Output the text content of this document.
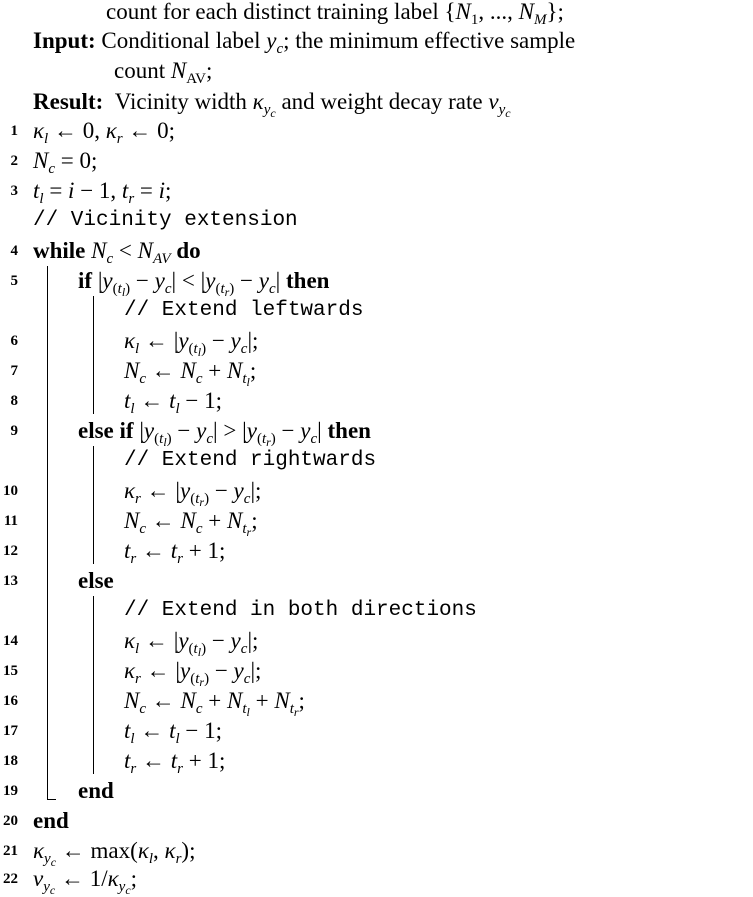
count for each distinct training label {$N_1$, ..., $N_M$};
Input: Conditional label $y_c$; the minimum effective sample
count $N_{AV}$;
Result:  Vicinity width $\kappa_{y_c}$ and weight decay rate $v_{y_c}$
1 $\kappa_l$ ← 0, $\kappa_r$ ← 0;
2 $N_c = 0$;
3 $t_l = i - 1$, $t_r = i$;
// Vicinity extension
4 while $N_c < N_{AV}$ do
5	if $|y_{(t_l)} - y_c| < |y_{(t_r)} - y_c|$ then
// Extend leftwards
6	$\kappa_l$ ← $|y_{(t_l)} - y_c|$;
7	$N_c$ ← $N_c + N_{t_l}$;
8	$t_l$ ← $t_l - 1$;
9	else if $|y_{(t_l)} - y_c| > |y_{(t_r)} - y_c|$ then
// Extend rightwards
10	$\kappa_r$ ← $|y_{(t_r)} - y_c|$;
11	$N_c$ ← $N_c + N_{t_r}$;
12	$t_r$ ← $t_r + 1$;
13	else
// Extend in both directions
14	$\kappa_l$ ← $|y_{(t_l)} - y_c|$;
15	$\kappa_r$ ← $|y_{(t_r)} - y_c|$;
16	$N_c$ ← $N_c + N_{t_l} + N_{t_r}$;
17	$t_l$ ← $t_l - 1$;
18	$t_r$ ← $t_r + 1$;
19	end
20 end
21 $\kappa_{y_c}$ ← $\max(\kappa_l$, $\kappa_r$);
22 $\nu_{y_c}$ ← $1/\kappa_{y_c}$;
